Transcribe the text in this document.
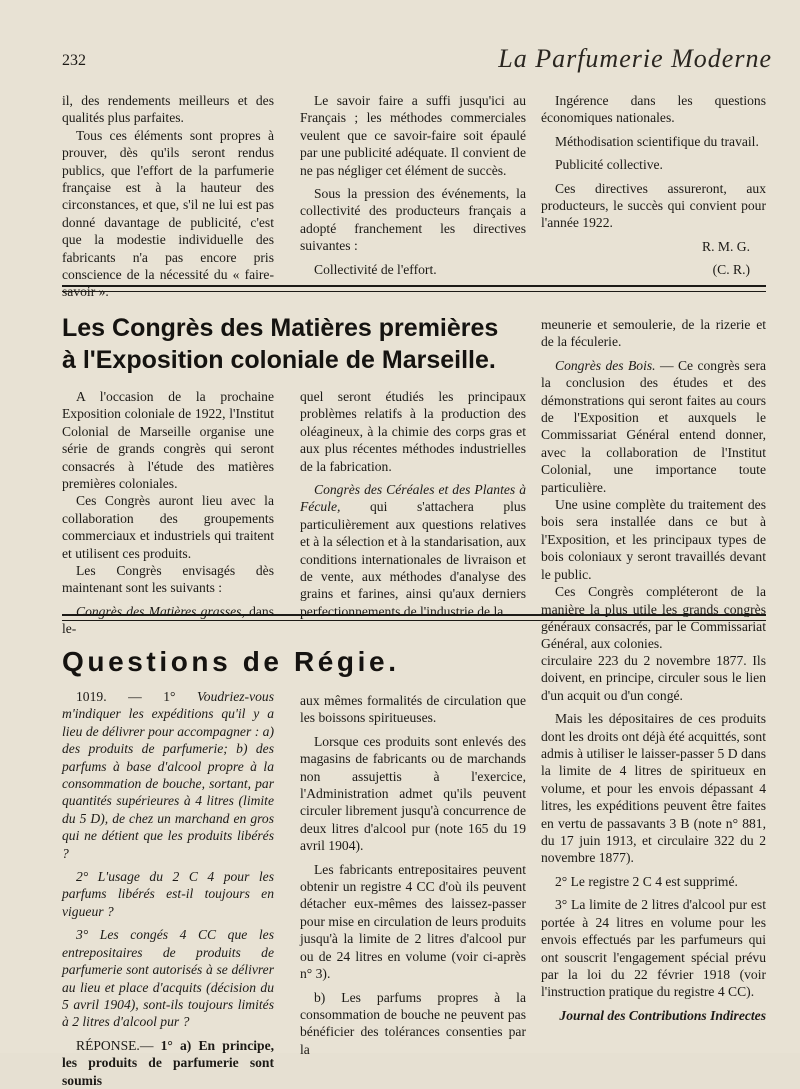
232	La Parfumerie Moderne

il, des rendements meilleurs et des qualités plus parfaites.

Tous ces éléments sont propres à prouver, dès qu'ils seront rendus publics, que l'effort de la parfumerie française est à la hauteur des circonstances, et que, s'il ne lui est pas donné davantage de publicité, c'est que la modestie individuelle des fabricants n'a pas encore pris conscience de la nécessité du « faire-savoir ».

Le savoir faire a suffi jusqu'ici au Français ; les méthodes commerciales veulent que ce savoir-faire soit épaulé par une publicité adéquate. Il convient de ne pas négliger cet élément de succès.

Sous la pression des événements, la collectivité des producteurs français a adopté franchement les directives suivantes :

Collectivité de l'effort.

Ingérence dans les questions économiques nationales.

Méthodisation scientifique du travail.

Publicité collective.

Ces directives assureront, aux producteurs, le succès qui convient pour l'année 1922.

R. M. G.

(C. R.)

Les Congrès des Matières premières
à l'Exposition coloniale de Marseille.

A l'occasion de la prochaine Exposition coloniale de 1922, l'Institut Colonial de Marseille organise une série de grands congrès qui seront consacrés à l'étude des matières premières coloniales.

Ces Congrès auront lieu avec la collaboration des groupements commerciaux et industriels qui traitent et utilisent ces produits.

Les Congrès envisagés dès maintenant sont les suivants :

Congrès des Matières grasses, dans le-

quel seront étudiés les principaux problèmes relatifs à la production des oléagineux, à la chimie des corps gras et aux plus récentes méthodes industrielles de la fabrication.

Congrès des Céréales et des Plantes à Fécule, qui s'attachera plus particulièrement aux questions relatives et à la sélection et à la standarisation, aux conditions internationales de livraison et de vente, aux méthodes d'analyse des grains et farines, ainsi qu'aux derniers perfectionnements de l'industrie de la

meunerie et semoulerie, de la rizerie et de la féculerie.

Congrès des Bois. — Ce congrès sera la conclusion des études et des démonstrations qui seront faites au cours de l'Exposition et auxquels le Commissariat Général entend donner, avec la collaboration de l'Institut Colonial, une importance toute particulière.

Une usine complète du traitement des bois sera installée dans ce but à l'Exposition, et les principaux types de bois coloniaux y seront travaillés devant le public.

Ces Congrès compléteront de la manière la plus utile les grands congrès généraux consacrés, par le Commissariat Général, aux colonies.

Questions de Régie.

1019. — 1° Voudriez-vous m'indiquer les expéditions qu'il y a lieu de délivrer pour accompagner : a) des produits de parfumerie; b) des parfums à base d'alcool propre à la consommation de bouche, sortant, par quantités supérieures à 4 litres (limite du 5 D), de chez un marchand en gros qui ne détient que les produits libérés ?

2° L'usage du 2 C 4 pour les parfums libérés est-il toujours en vigueur ?

3° Les congés 4 CC que les entrepositaires de produits de parfumerie sont autorisés à se délivrer au lieu et place d'acquits (décision du 5 avril 1904), sont-ils toujours limités à 2 litres d'alcool pur ?

RÉPONSE.— 1° a) En principe, les produits de parfumerie sont soumis

aux mêmes formalités de circulation que les boissons spiritueuses.

Lorsque ces produits sont enlevés des magasins de fabricants ou de marchands non assujettis à l'exercice, l'Administration admet qu'ils peuvent circuler librement jusqu'à concurrence de deux litres d'alcool pur (note 165 du 19 avril 1904).

Les fabricants entrepositaires peuvent obtenir un registre 4 CC d'où ils peuvent détacher eux-mêmes des laissez-passer pour mise en circulation de leurs produits jusqu'à la limite de 2 litres d'alcool pur ou de 24 litres en volume (voir ci-après n° 3).

b) Les parfums propres à la consommation de bouche ne peuvent pas bénéficier des tolérances consenties par la

circulaire 223 du 2 novembre 1877. Ils doivent, en principe, circuler sous le lien d'un acquit ou d'un congé.

Mais les dépositaires de ces produits dont les droits ont déjà été acquittés, sont admis à utiliser le laisser-passer 5 D dans la limite de 4 litres de spiritueux en volume, et pour les envois dépassant 4 litres, les expéditions peuvent être faites en vertu de passavants 3 B (note n° 881, du 17 juin 1913, et circulaire 322 du 2 novembre 1877).

2° Le registre 2 C 4 est supprimé.

3° La limite de 2 litres d'alcool pur est portée à 24 litres en volume pour les envois effectués par les parfumeurs qui ont souscrit l'engagement spécial prévu par la loi du 22 février 1918 (voir l'instruction pratique du registre 4 CC).

Journal des Contributions Indirectes
